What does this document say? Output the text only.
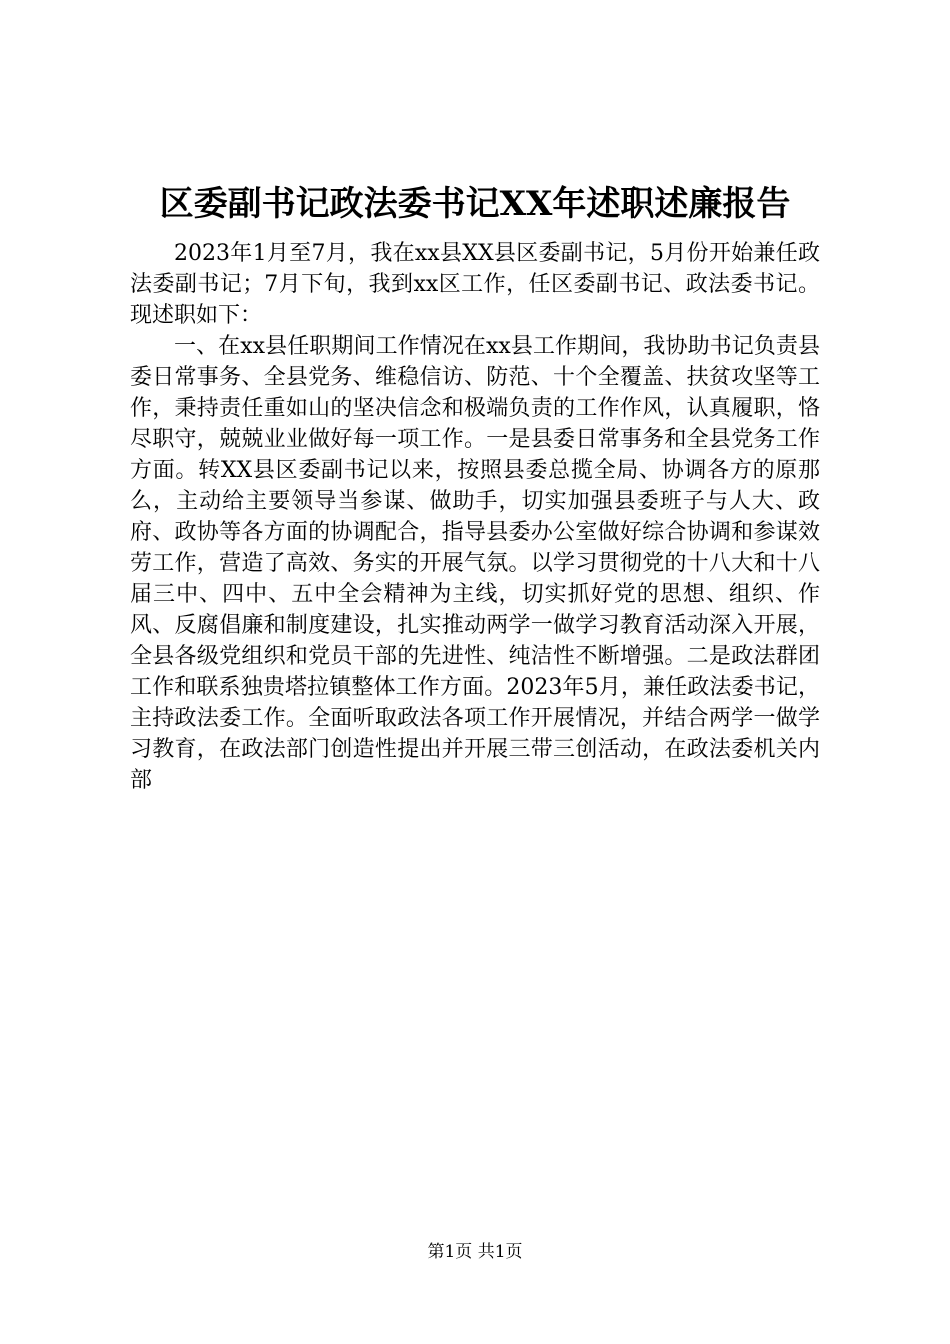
区委副书记政法委书记XX年述职述廉报告

2023年1月至7月，我在xx县XX县区委副书记，5月份开始兼任政法委副书记；7月下旬，我到xx区工作，任区委副书记、政法委书记。现述职如下：

一、在xx县任职期间工作情况在xx县工作期间，我协助书记负责县委日常事务、全县党务、维稳信访、防范、十个全覆盖、扶贫攻坚等工作，秉持责任重如山的坚决信念和极端负责的工作作风，认真履职，恪尽职守，兢兢业业做好每一项工作。一是县委日常事务和全县党务工作方面。转XX县区委副书记以来，按照县委总揽全局、协调各方的原那么，主动给主要领导当参谋、做助手，切实加强县委班子与人大、政府、政协等各方面的协调配合，指导县委办公室做好综合协调和参谋效劳工作，营造了高效、务实的开展气氛。以学习贯彻党的十八大和十八届三中、四中、五中全会精神为主线，切实抓好党的思想、组织、作风、反腐倡廉和制度建设，扎实推动两学一做学习教育活动深入开展，全县各级党组织和党员干部的先进性、纯洁性不断增强。二是政法群团工作和联系独贵塔拉镇整体工作方面。2023年5月，兼任政法委书记，主持政法委工作。全面听取政法各项工作开展情况，并结合两学一做学习教育，在政法部门创造性提出并开展三带三创活动，在政法委机关内部

第1页 共1页
